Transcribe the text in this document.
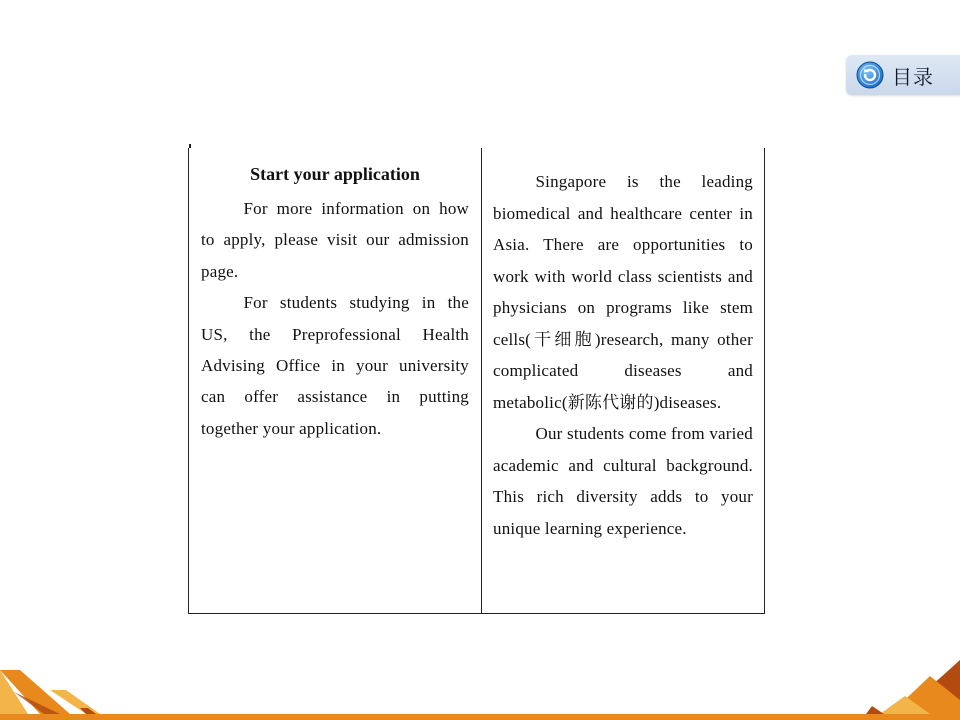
目录
Start your application

For more information on how to apply, please visit our admission page.

For students studying in the US, the Preprofessional Health Advising Office in your university can offer assistance in putting together your application.

Singapore is the leading biomedical and healthcare center in Asia. There are opportunities to work with world class scientists and physicians on programs like stem cells(干细胞)research, many other complicated diseases and metabolic(新陈代谢的)diseases.

Our students come from varied academic and cultural background. This rich diversity adds to your unique learning experience.
